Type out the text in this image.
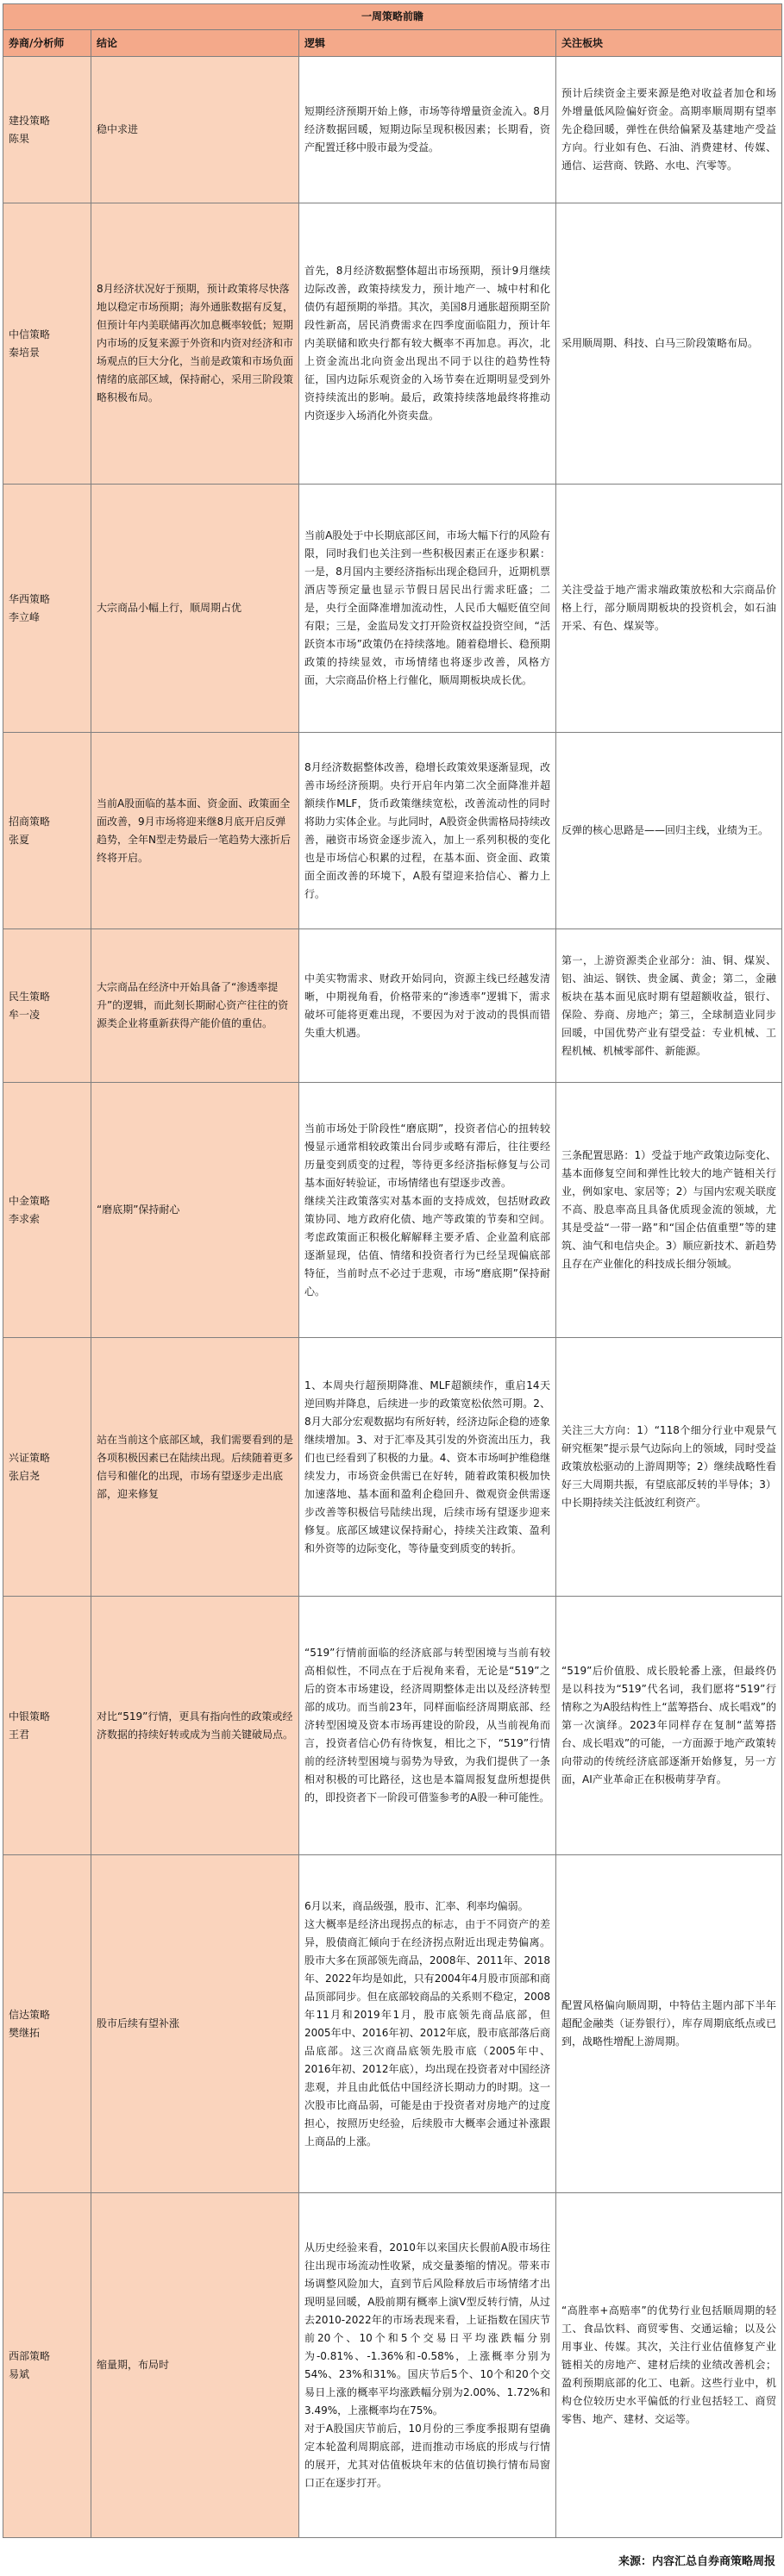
一周策略前瞻			
券商/分析师	结论	逻辑	关注板块
建投策略
陈果	稳中求进	短期经济预期开始上修，市场等待增量资金流入。8月经济数据回暖，短期边际呈现积极因素；长期看，资产配置迁移中股市最为受益。	预计后续资金主要来源是绝对收益者加仓和场外增量低风险偏好资金。高期率顺周期有望率先企稳回暖，弹性在供给偏紧及基建地产受益方向。行业如有色、石油、消费建材、传媒、通信、运营商、铁路、水电、汽零等。
中信策略
秦培景	8月经济状况好于预期，预计政策将尽快落地以稳定市场预期；海外通胀数据有反复，但预计年内美联储再次加息概率较低；短期内市场的反复来源于外资和内资对经济和市场观点的巨大分化，当前是政策和市场负面情绪的底部区域，保持耐心，采用三阶段策略积极布局。	首先，8月经济数据整体超出市场预期，预计9月继续边际改善，政策持续发力，预计地产一、城中村和化债仍有超预期的举措。其次，美国8月通胀超预期至阶段性新高，居民消费需求在四季度面临阻力，预计年内美联储和欧央行都有较大概率不再加息。再次，北上资金流出北向资金出现出不同于以往的趋势性特征，国内边际乐观资金的入场节奏在近期明显受到外资持续流出的影响。最后，政策持续落地最终将推动内资逐步入场消化外资卖盘。	采用顺周期、科技、白马三阶段策略布局。
华西策略
李立峰	大宗商品小幅上行，顺周期占优	当前A股处于中长期底部区间，市场大幅下行的风险有限，同时我们也关注到一些积极因素正在逐步积累：一是，8月国内主要经济指标出现企稳回升，近期机票酒店等预定量也显示节假日居民出行需求旺盛；二是，央行全面降准增加流动性，人民币大幅贬值空间有限；三是，金监局发文打开险资权益投资空间，“活跃资本市场”政策仍在持续落地。随着稳增长、稳预期政策的持续显效，市场情绪也将逐步改善，风格方面，大宗商品价格上行催化，顺周期板块成长优。	关注受益于地产需求端政策放松和大宗商品价格上行，部分顺周期板块的投资机会，如石油开采、有色、煤炭等。
招商策略
张夏	当前A股面临的基本面、资金面、政策面全面改善，9月市场将迎来继8月底开启反弹趋势，全年N型走势最后一笔趋势大涨折后终将开启。	8月经济数据整体改善，稳增长政策效果逐渐显现，改善市场经济预期。央行开启年内第二次全面降准并超额续作MLF，货币政策继续宽松，改善流动性的同时将助力实体企业。与此同时，A股资金供需格局持续改善，融资市场资金逐步流入，加上一系列积极的变化也是市场信心积累的过程，在基本面、资金面、政策面全面改善的环境下，A股有望迎来拾信心、蓄力上行。	反弹的核心思路是——回归主线，业绩为王。
民生策略
牟一凌	大宗商品在经济中开始具备了“渗透率提升”的逻辑，而此刻长期耐心资产往往的资源类企业将重新获得产能价值的重估。	中美实物需求、财政开始同向，资源主线已经越发清晰，中期视角看，价格带来的“渗透率”逻辑下，需求破坏可能将更难出现，不要因为对于波动的畏惧而错失重大机遇。	第一，上游资源类企业部分：油、铜、煤炭、铝、油运、钢铁、贵金属、黄金；第二，金融板块在基本面见底时期有望超额收益，银行、保险、券商、房地产；第三，全球制造业同步回暖，中国优势产业有望受益：专业机械、工程机械、机械零部件、新能源。
中金策略
李求索	“磨底期”保持耐心	当前市场处于阶段性“磨底期”，投资者信心的扭转较慢显示通常相较政策出台同步或略有滞后，往往要经历量变到质变的过程，等待更多经济指标修复与公司基本面好转验证，市场情绪也有望逐步改善。
继续关注政策落实对基本面的支持成效，包括财政政策协同、地方政府化债、地产等政策的节奏和空间。考虑政策面正积极化解解释主要矛盾、企业盈利底部逐渐显现，估值、情绪和投资者行为已经呈现偏底部特征，当前时点不必过于悲观，市场“磨底期”保持耐心。	三条配置思路：1）受益于地产政策边际变化、基本面修复空间和弹性比较大的地产链相关行业，例如家电、家居等；2）与国内宏观关联度不高、股息率高且具备优质现金流的领域，尤其是受益“一带一路”和“国企估值重塑”等的建筑、油气和电信央企。3）顺应新技术、新趋势且存在产业催化的科技成长细分领域。
兴证策略
张启尧	站在当前这个底部区域，我们需要看到的是各项积极因素已在陆续出现。后续随着更多信号和催化的出现，市场有望逐步走出底部，迎来修复	1、本周央行超预期降准、MLF超额续作，重启14天逆回购并降息，后续进一步的政策宽松依然可期。2、8月大部分宏观数据均有所好转，经济边际企稳的迹象继续增加。3、对于汇率及其引发的外资流出压力，我们也已经看到了积极的力量。4、资本市场呵护维稳继续发力，市场资金供需已在好转，随着政策积极加快加速落地、基本面和盈利企稳回升、微观资金供需逐步改善等积极信号陆续出现，后续市场有望逐步迎来修复。底部区域建议保持耐心，持续关注政策、盈利和外资等的边际变化，等待量变到质变的转折。	关注三大方向：1）“118个细分行业中观景气研究框架”提示景气边际向上的领域，同时受益政策放松驱动的上游周期等；2）继续战略性看好三大周期共振，有望底部反转的半导体；3）中长期持续关注低波红利资产。
中银策略
王君	对比“519”行情，更具有指向性的政策或经济数据的持续好转或成为当前关键破局点。	“519”行情前面临的经济底部与转型困境与当前有较高相似性，不同点在于后视角来看，无论是“519”之后的资本市场建设，经济周期整体走出以及经济转型部的成功。而当前23年，同样面临经济周期底部、经济转型困境及资本市场再建设的阶段，从当前视角而言，投资者信心仍有待恢复，相比之下，“519”行情前的经济转型困境与弱势为导致，为我们提供了一条相对积极的可比路径，这也是本篇周报复盘所想提供的，即投资者下一阶段可借鉴参考的A股一种可能性。	“519”后价值股、成长股轮番上涨，但最终仍是以科技为“519”代名词，我们愿将“519”行情称之为A股结构性上“蓝筹搭台、成长唱戏”的第一次演绎。2023年同样存在复制“蓝筹搭台、成长唱戏”的可能，一方面源于地产政策转向带动的传统经济底部逐渐开始修复，另一方面，AI产业革命正在积极萌芽孕育。
信达策略
樊继拓	股市后续有望补涨	6月以来，商品级强，股市、汇率、利率均偏弱。
这大概率是经济出现拐点的标志，由于不同资产的差异，股债商汇倾向于在经济拐点附近出现走势偏离。股市大多在顶部领先商品，2008年、2011年、2018年、2022年均是如此，只有2004年4月股市顶部和商品顶部同步。但在底部较商品的关系则不稳定，2008年11月和2019年1月，股市底领先商品底部，但2005年中、2016年初、2012年底，股市底部落后商品底部。这三次商品底领先股市底（2005年中、2016年初、2012年底），均出现在投资者对中国经济悲观，并且由此低估中国经济长期动力的时期。这一次股市比商品弱，可能是由于投资者对房地产的过度担心，按照历史经验，后续股市大概率会通过补涨跟上商品的上涨。	配置风格偏向顺周期，中特估主题内部下半年超配金融类（证券银行），库存周期底纸点或已到，战略性增配上游周期。
西部策略
易斌	缩量期，布局时	从历史经验来看，2010年以来国庆长假前A股市场往往出现市场流动性收紧，成交量萎缩的情况。带来市场调整风险加大，直到节后风险释放后市场情绪才出现明显回暖，A股前期有概率上演V型反转行情，从过去2010-2022年的市场表现来看，上证指数在国庆节前20个、10个和5个交易日平均涨跌幅分别为-0.81%、-1.36%和-0.58%，上涨概率分别为54%、23%和31%。国庆节后5个、10个和20个交易日上涨的概率平均涨跌幅分别为2.00%、1.72%和3.49%，上涨概率均在75%。
对于A股国庆节前后，10月份的三季度季报期有望确定本轮盈利周期底部，进而推动市场底的形成与行情的展开，尤其对估值板块年末的估值切换行情布局窗口正在逐步打开。	“高胜率+高赔率”的优势行业包括顺周期的轻工、食品饮料、商贸零售、交通运输；以及公用事业、传媒。其次，关注行业估值修复产业链相关的房地产、建材后续的业绩改善机会；盈利预期底部的化工、电新。这些行业中，机构仓位较历史水平偏低的行业包括轻工、商贸零售、地产、建材、交运等。
来源：内容汇总自券商策略周报
